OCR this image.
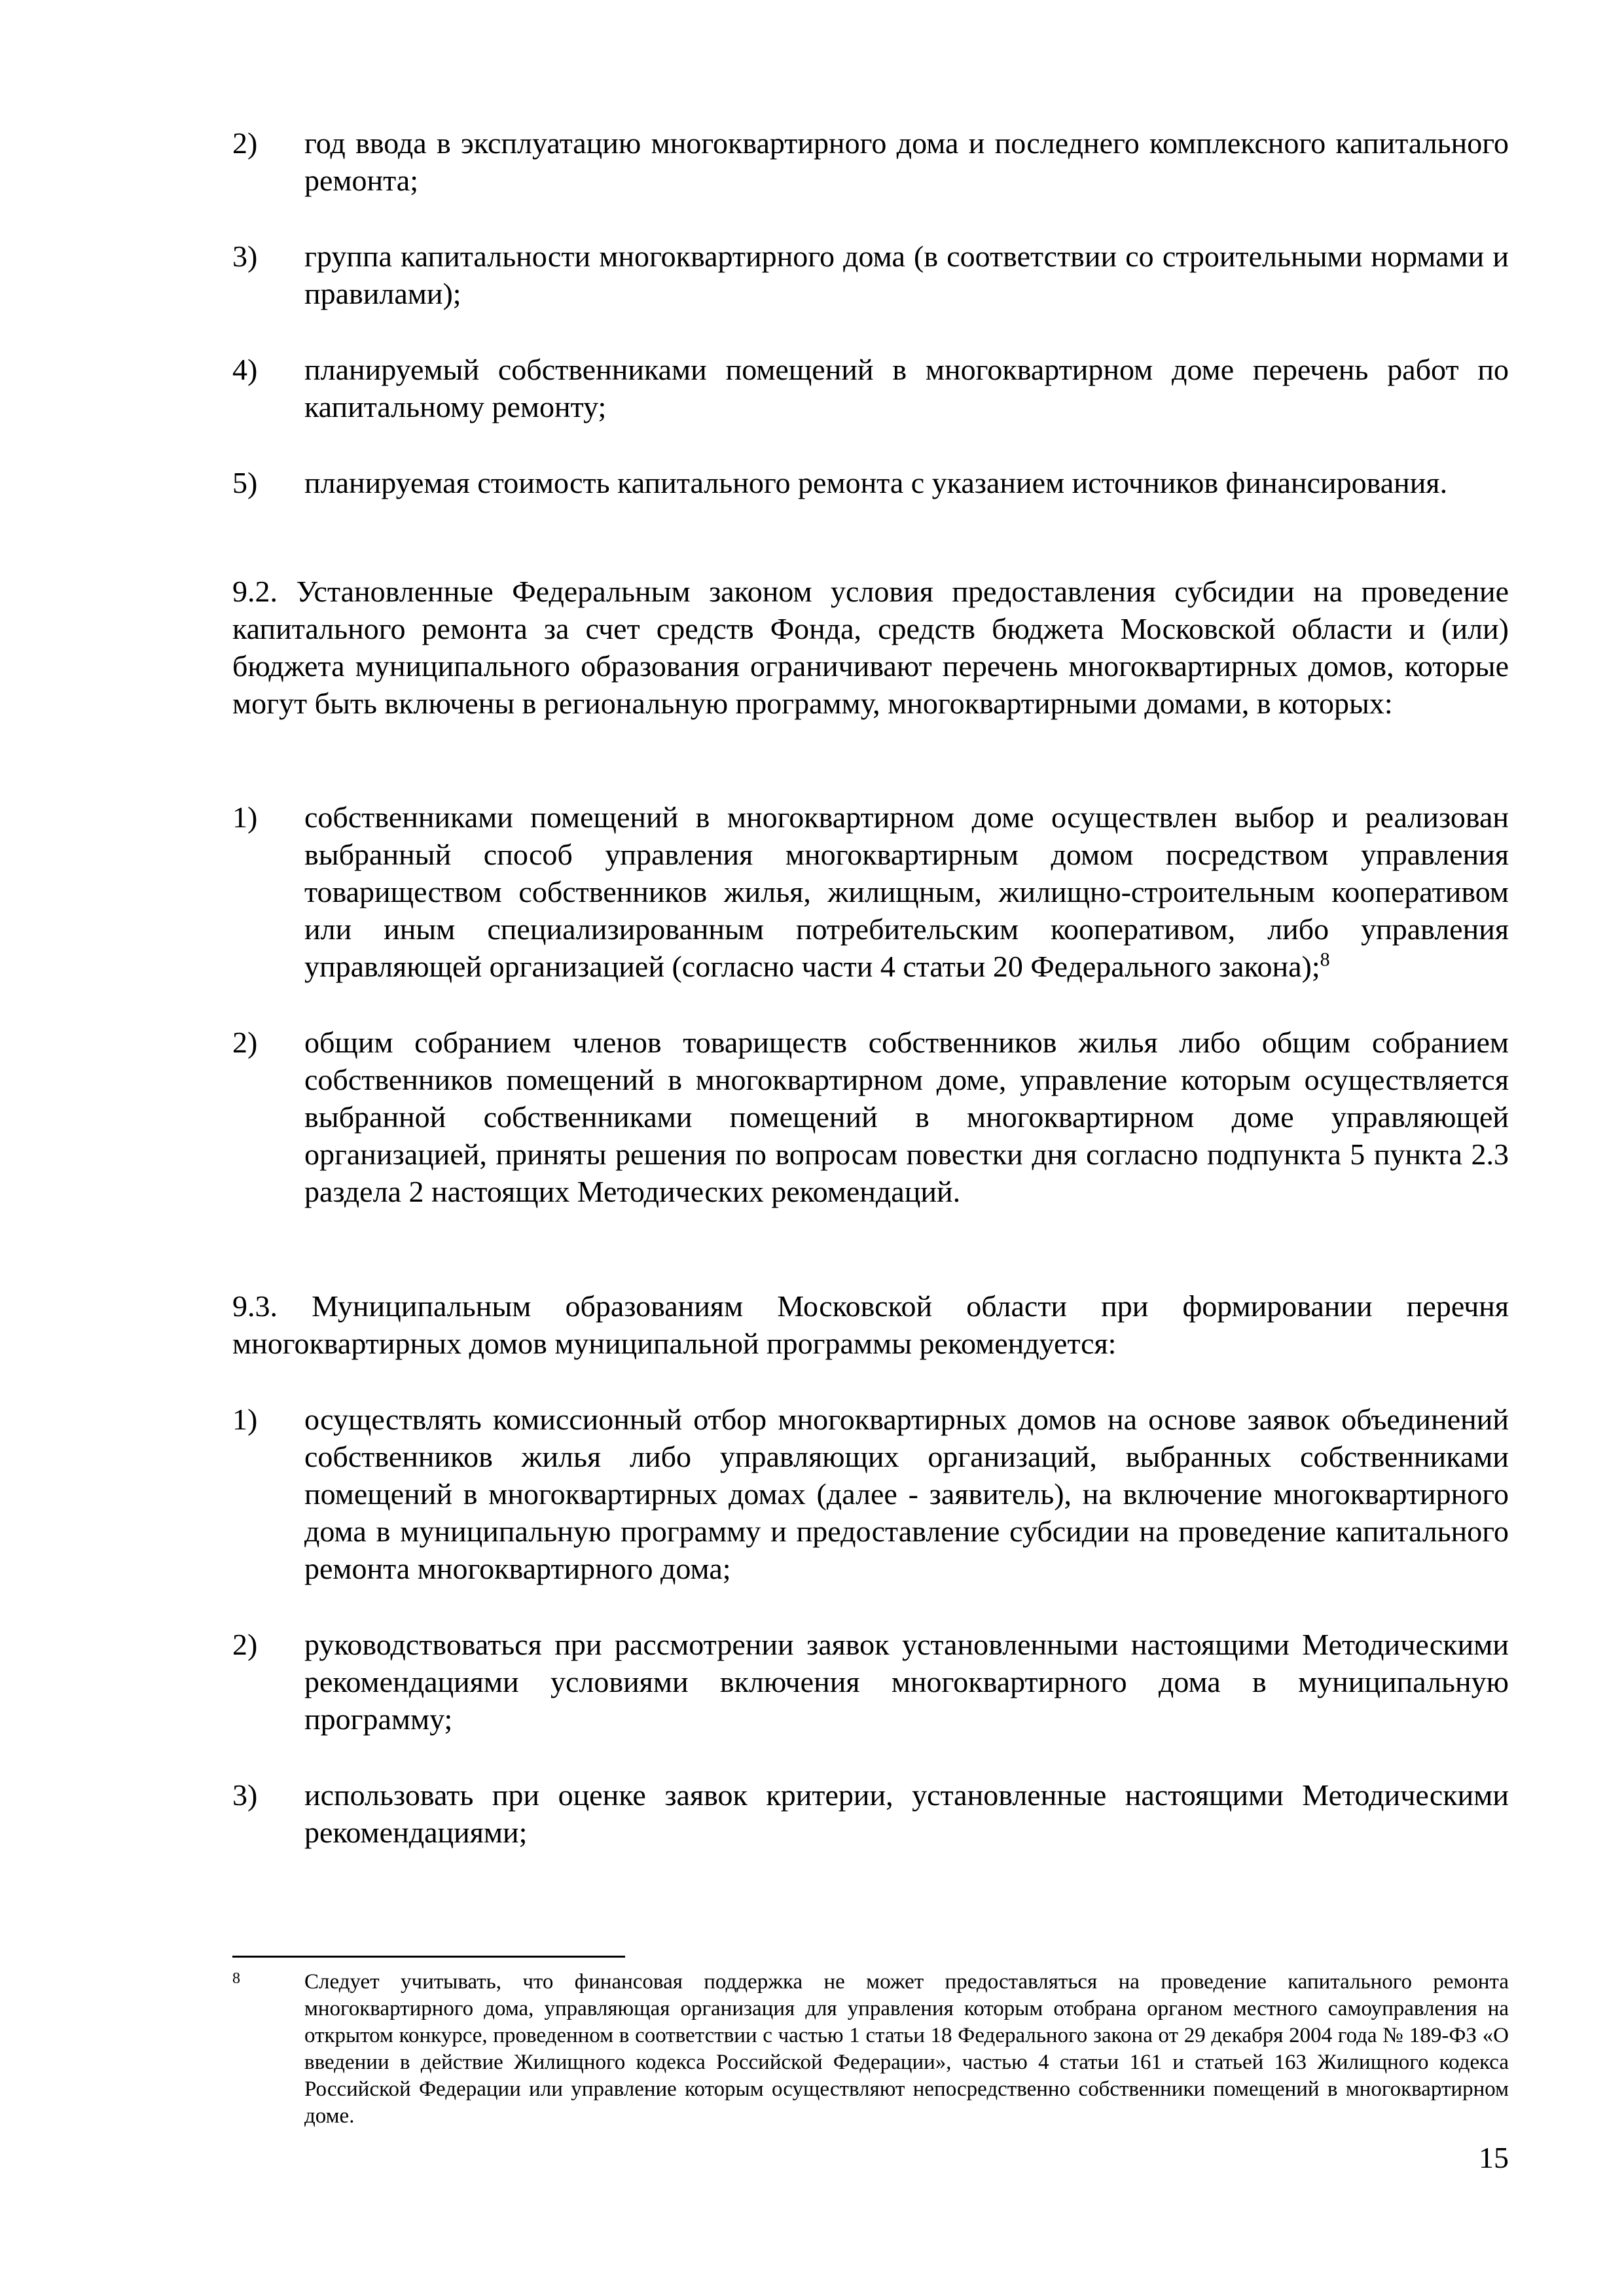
2) год ввода в эксплуатацию многоквартирного дома и последнего комплексного капитального ремонта;
3) группа капитальности многоквартирного дома (в соответствии со строительными нормами и правилами);
4) планируемый собственниками помещений в многоквартирном доме перечень работ по капитальному ремонту;
5) планируемая стоимость капитального ремонта с указанием источников финансирования.
9.2. Установленные Федеральным законом условия предоставления субсидии на проведение капитального ремонта за счет средств Фонда, средств бюджета Московской области и (или) бюджета муниципального образования ограничивают перечень многоквартирных домов, которые могут быть включены в региональную программу, многоквартирными домами, в которых:
1) собственниками помещений в многоквартирном доме осуществлен выбор и реализован выбранный способ управления многоквартирным домом посредством управления товариществом собственников жилья, жилищным, жилищно-строительным кооперативом или иным специализированным потребительским кооперативом, либо управления управляющей организацией (согласно части 4 статьи 20 Федерального закона);$^8$
2) общим собранием членов товариществ собственников жилья либо общим собранием собственников помещений в многоквартирном доме, управление которым осуществляется выбранной собственниками помещений в многоквартирном доме управляющей организацией, приняты решения по вопросам повестки дня согласно подпункта 5 пункта 2.3 раздела 2 настоящих Методических рекомендаций.
9.3. Муниципальным образованиям Московской области при формировании перечня многоквартирных домов муниципальной программы рекомендуется:
1) осуществлять комиссионный отбор многоквартирных домов на основе заявок объединений собственников жилья либо управляющих организаций, выбранных собственниками помещений в многоквартирных домах (далее - заявитель), на включение многоквартирного дома в муниципальную программу и предоставление субсидии на проведение капитального ремонта многоквартирного дома;
2) руководствоваться при рассмотрении заявок установленными настоящими Методическими рекомендациями условиями включения многоквартирного дома в муниципальную программу;
3) использовать при оценке заявок критерии, установленные настоящими Методическими рекомендациями;
8	Следует учитывать, что финансовая поддержка не может предоставляться на проведение капитального ремонта многоквартирного дома, управляющая организация для управления которым отобрана органом местного самоуправления на открытом конкурсе, проведенном в соответствии с частью 1 статьи 18 Федерального закона от 29 декабря 2004 года № 189-ФЗ «О введении в действие Жилищного кодекса Российской Федерации», частью 4 статьи 161 и статьей 163 Жилищного кодекса Российской Федерации или управление которым осуществляют непосредственно собственники помещений в многоквартирном доме.
15
